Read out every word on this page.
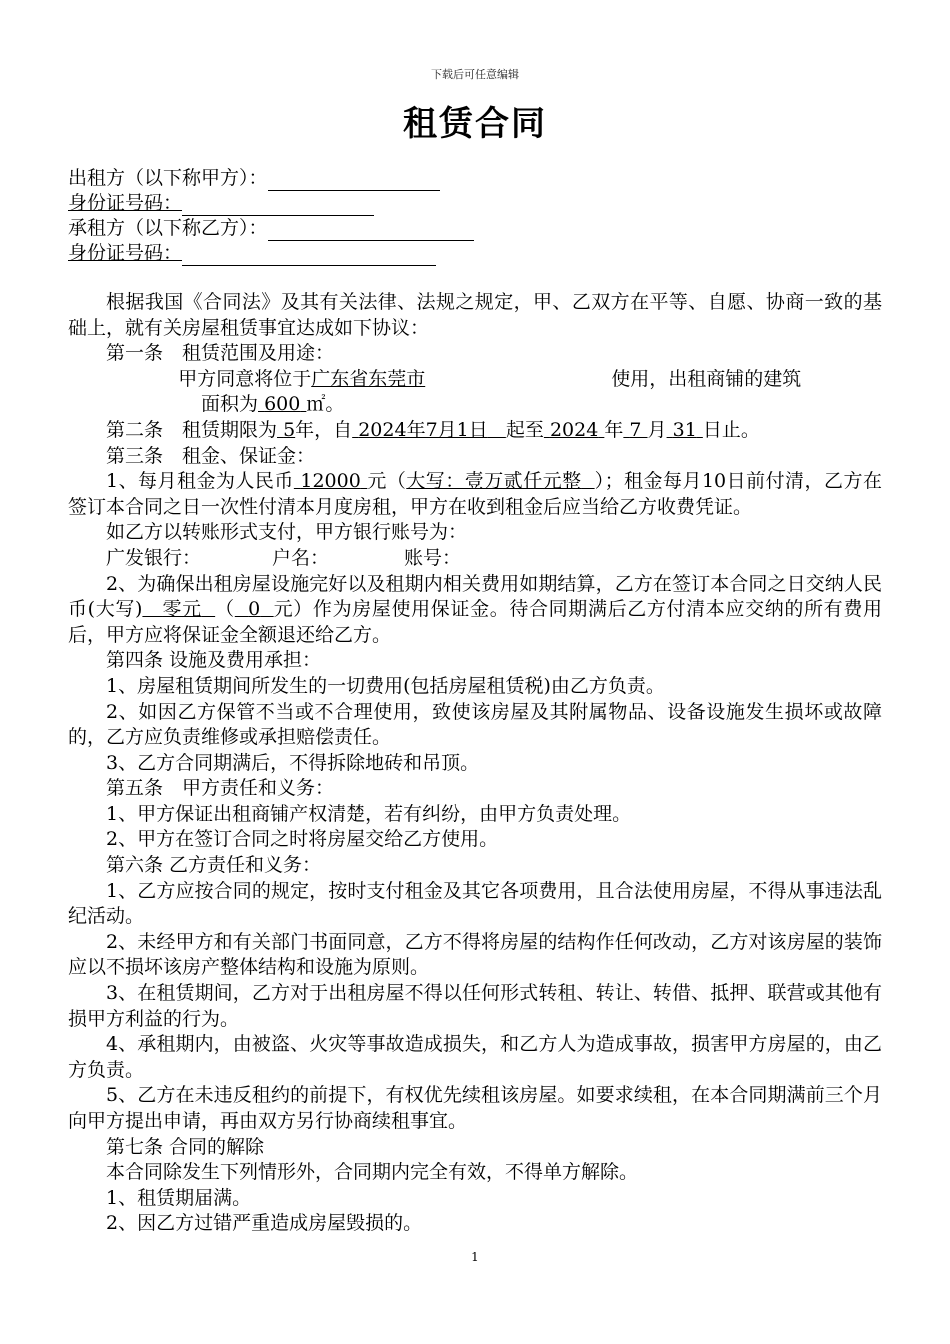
下载后可任意编辑
租赁合同
出租方（以下称甲方）：
身份证号码：
承租方（以下称乙方）：
身份证号码：

根据我国《合同法》及其有关法律、法规之规定，甲、乙双方在平等、自愿、协商一致的基础上，就有关房屋租赁事宜达成如下协议：

第一条　租赁范围及用途：

甲方同意将位于广东省东莞市	使用，出租商铺的建筑

面积为 600 ㎡。

第二条　租赁期限为 5年，自 2024年7月1日 起至 2024 年 7 月 31 日止。

第三条　租金、保证金：

1、每月租金为人民币 12000 元（大写：壹万贰仟元整 ）；租金每月10日前付清，乙方在签订本合同之日一次性付清本月度房租，甲方在收到租金后应当给乙方收费凭证。

如乙方以转账形式支付，甲方银行账号为：

广发银行：	户名：	账号：

2、为确保出租房屋设施完好以及租期内相关费用如期结算，乙方在签订本合同之日交纳人民币(大写) 零元 （ 0 元）作为房屋使用保证金。待合同期满后乙方付清本应交纳的所有费用后，甲方应将保证金全额退还给乙方。

第四条 设施及费用承担：

1、房屋租赁期间所发生的一切费用(包括房屋租赁税)由乙方负责。

2、如因乙方保管不当或不合理使用，致使该房屋及其附属物品、设备设施发生损坏或故障的，乙方应负责维修或承担赔偿责任。

3、乙方合同期满后，不得拆除地砖和吊顶。

第五条　甲方责任和义务：

1、甲方保证出租商铺产权清楚，若有纠纷，由甲方负责处理。

2、甲方在签订合同之时将房屋交给乙方使用。

第六条 乙方责任和义务：

1、乙方应按合同的规定，按时支付租金及其它各项费用，且合法使用房屋，不得从事违法乱纪活动。

2、未经甲方和有关部门书面同意，乙方不得将房屋的结构作任何改动，乙方对该房屋的装饰应以不损坏该房产整体结构和设施为原则。

3、在租赁期间，乙方对于出租房屋不得以任何形式转租、转让、转借、抵押、联营或其他有损甲方利益的行为。

4、承租期内，由被盗、火灾等事故造成损失，和乙方人为造成事故，损害甲方房屋的，由乙方负责。

5、乙方在未违反租约的前提下，有权优先续租该房屋。如要求续租，在本合同期满前三个月向甲方提出申请，再由双方另行协商续租事宜。

第七条 合同的解除

本合同除发生下列情形外，合同期内完全有效，不得单方解除。

1、租赁期届满。

2、因乙方过错严重造成房屋毁损的。

1
